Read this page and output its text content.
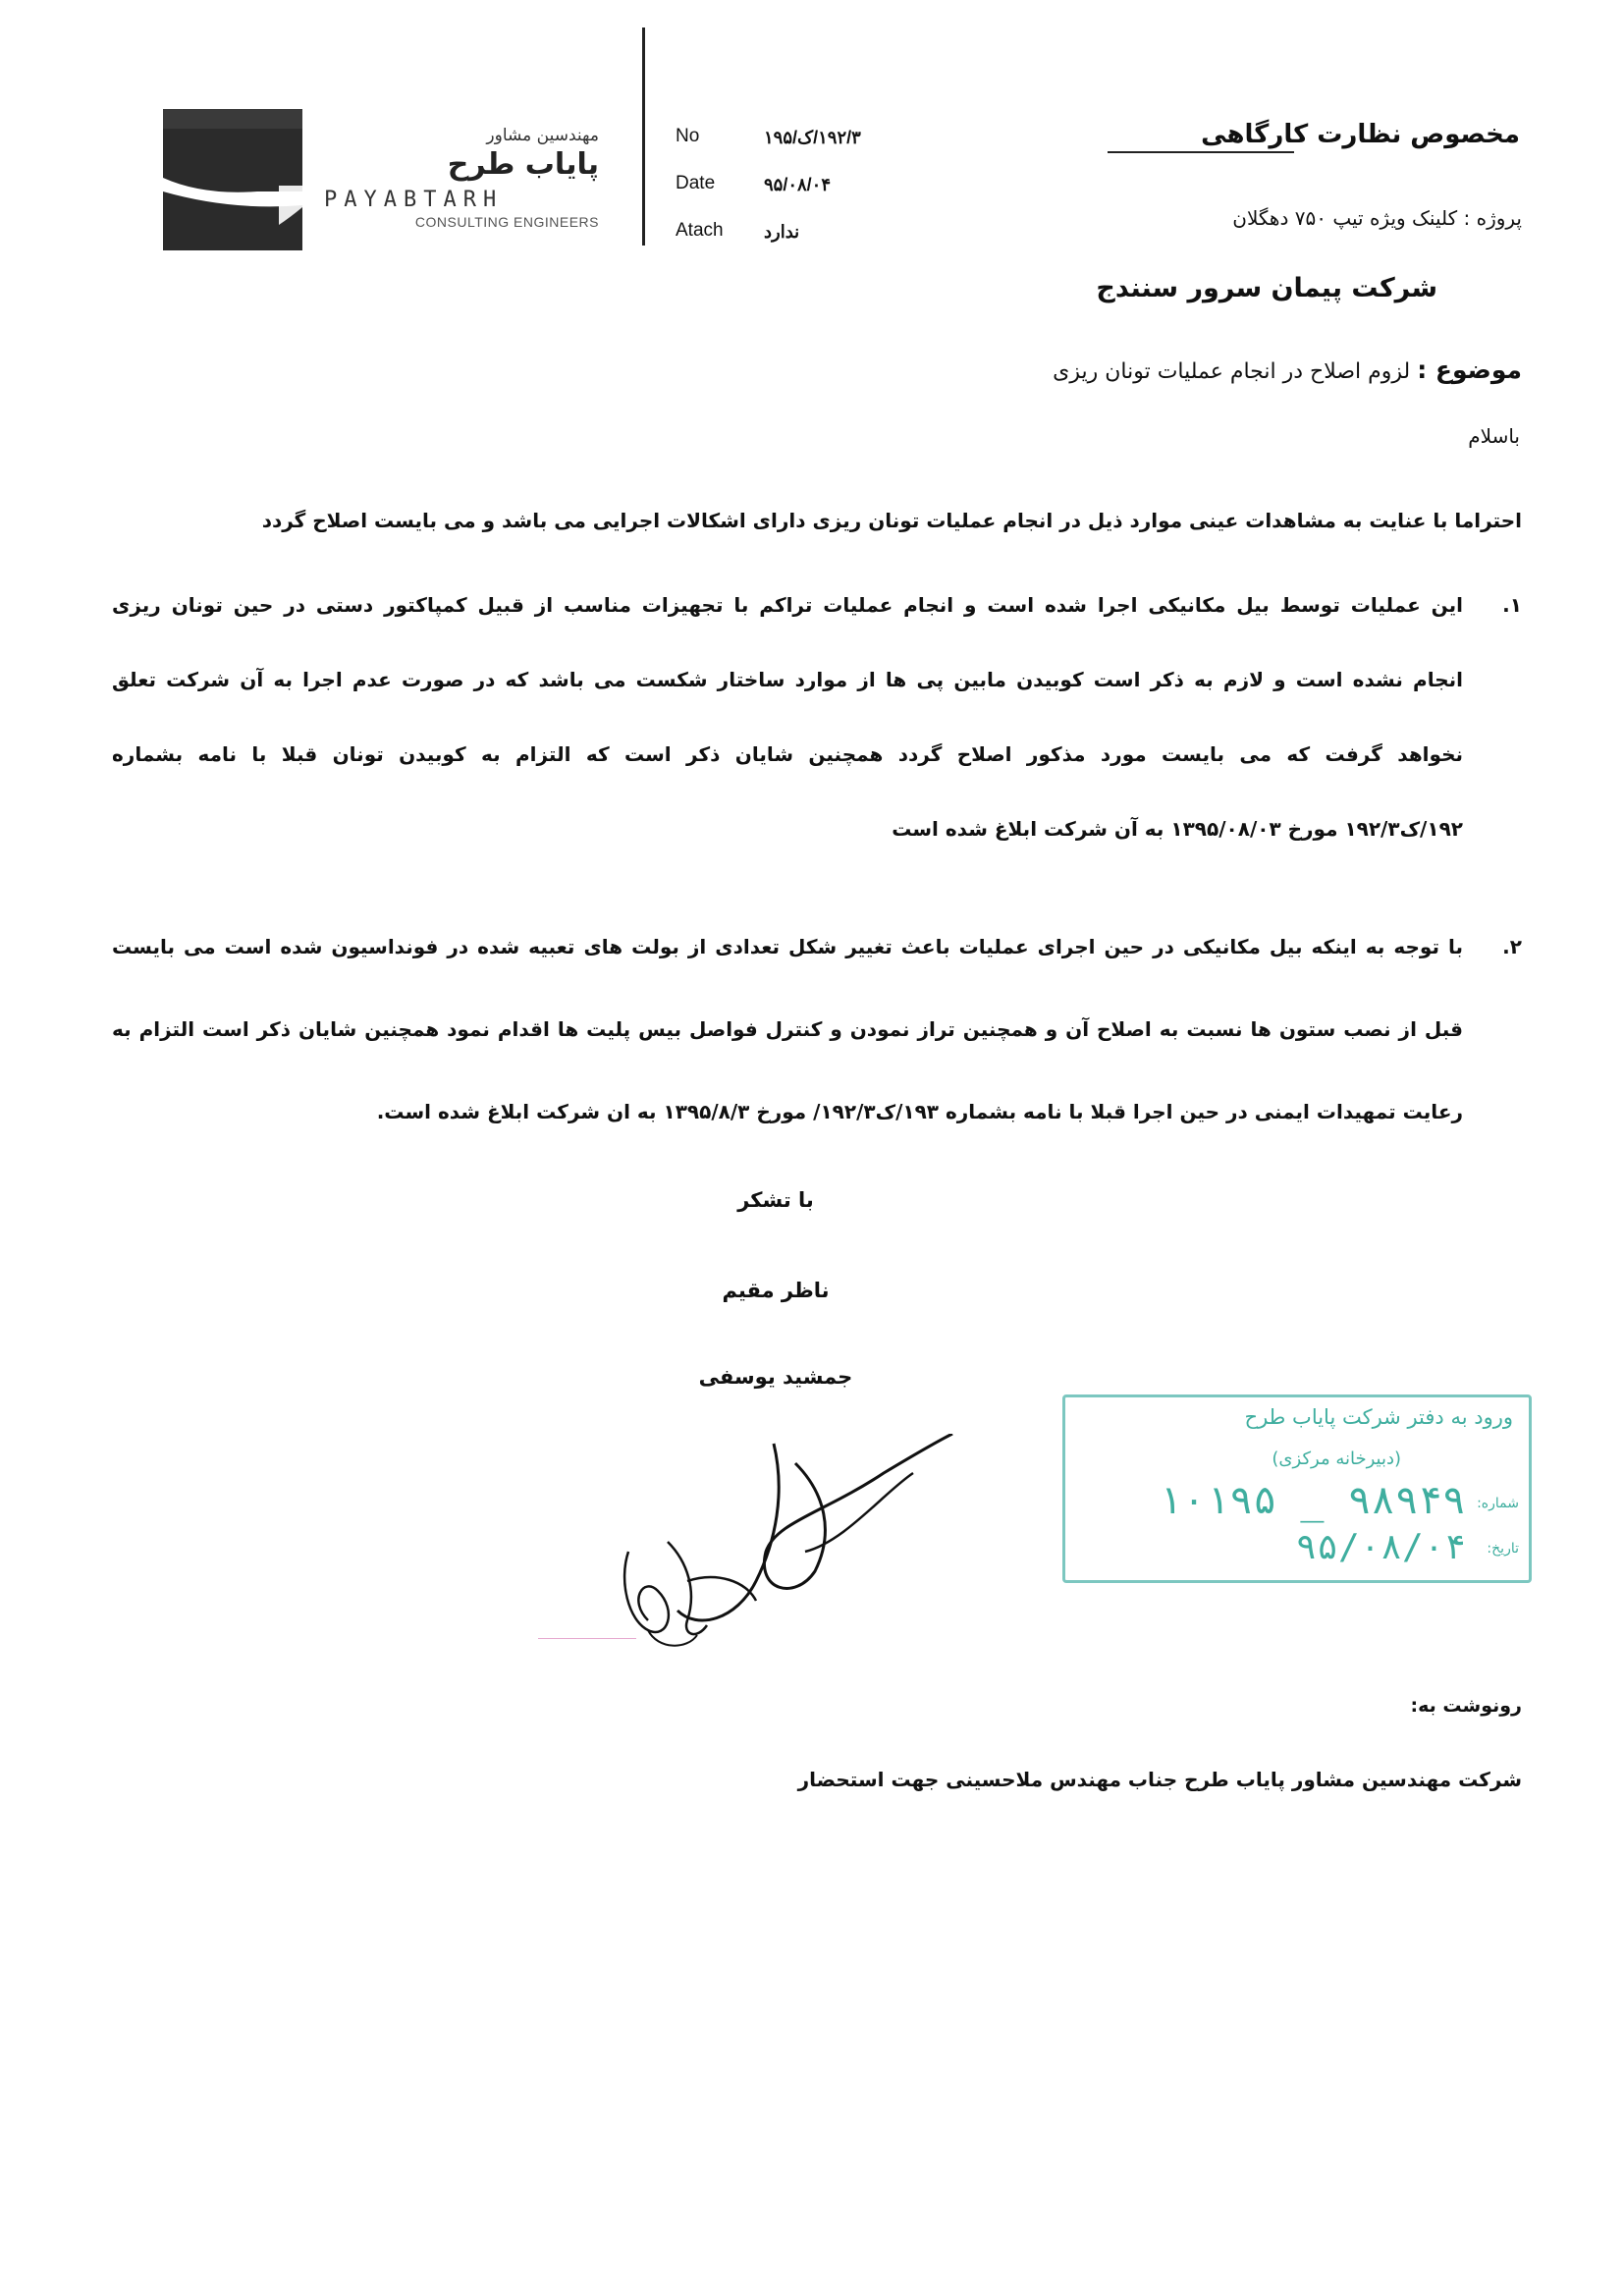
مهندسین مشاور
پایاب طرح
PAYABTARH
CONSULTING ENGINEERS
No	۱۹۲/۳/ک/۱۹۵
Date	۹۵/۰۸/۰۴
Atach ندارد
مخصوص نظارت کارگاهی
پروژه : کلینک ویژه تیپ ۷۵۰ دهگلان
شرکت پیمان سرور سنندج
موضوع : لزوم اصلاح در انجام عملیات تونان ریزی
باسلام
احتراما با عنایت به مشاهدات عینی موارد ذیل در انجام عملیات تونان ریزی دارای اشکالات اجرایی می باشد و می بایست اصلاح گردد
۱.
این عملیات توسط بیل مکانیکی اجرا شده است و انجام عملیات تراکم با تجهیزات مناسب از قبیل کمپاکتور دستی در حین تونان ریزی
انجام نشده است و لازم به ذکر است کوبیدن مابین پی ها از موارد ساختار شکست می باشد که در صورت عدم اجرا به آن شرکت تعلق
نخواهد گرفت که می بایست مورد مذکور اصلاح گردد همچنین شایان ذکر است که التزام به کوبیدن تونان قبلا با نامه بشماره
۱۹۲/ک۱۹۲/۳ مورخ ۱۳۹۵/۰۸/۰۳ به آن شرکت ابلاغ شده است
۲.
با توجه به اینکه بیل مکانیکی در حین اجرای عملیات باعث تغییر شکل تعدادی از بولت های تعبیه شده در فونداسیون شده است می بایست
قبل از نصب ستون ها نسبت به اصلاح آن و همچنین تراز نمودن و کنترل فواصل بیس پلیت ها اقدام نمود همچنین شایان ذکر است التزام به
رعایت تمهیدات ایمنی در حین اجرا قبلا با نامه بشماره ۱۹۳/ک۱۹۲/۳/ مورخ ۱۳۹۵/۸/۳ به ان شرکت ابلاغ شده است.
با تشکر
ناظر مقیم
جمشید یوسفی
ورود به دفتر شرکت پایاب طرح
(دبیرخانه مرکزی)
شماره:
۱۰۱۹۵ _ ۹۸۹۴۹
تاریخ:
۹۵/۰۸/۰۴
رونوشت به:
شرکت مهندسین مشاور پایاب طرح جناب مهندس ملاحسینی جهت استحضار
